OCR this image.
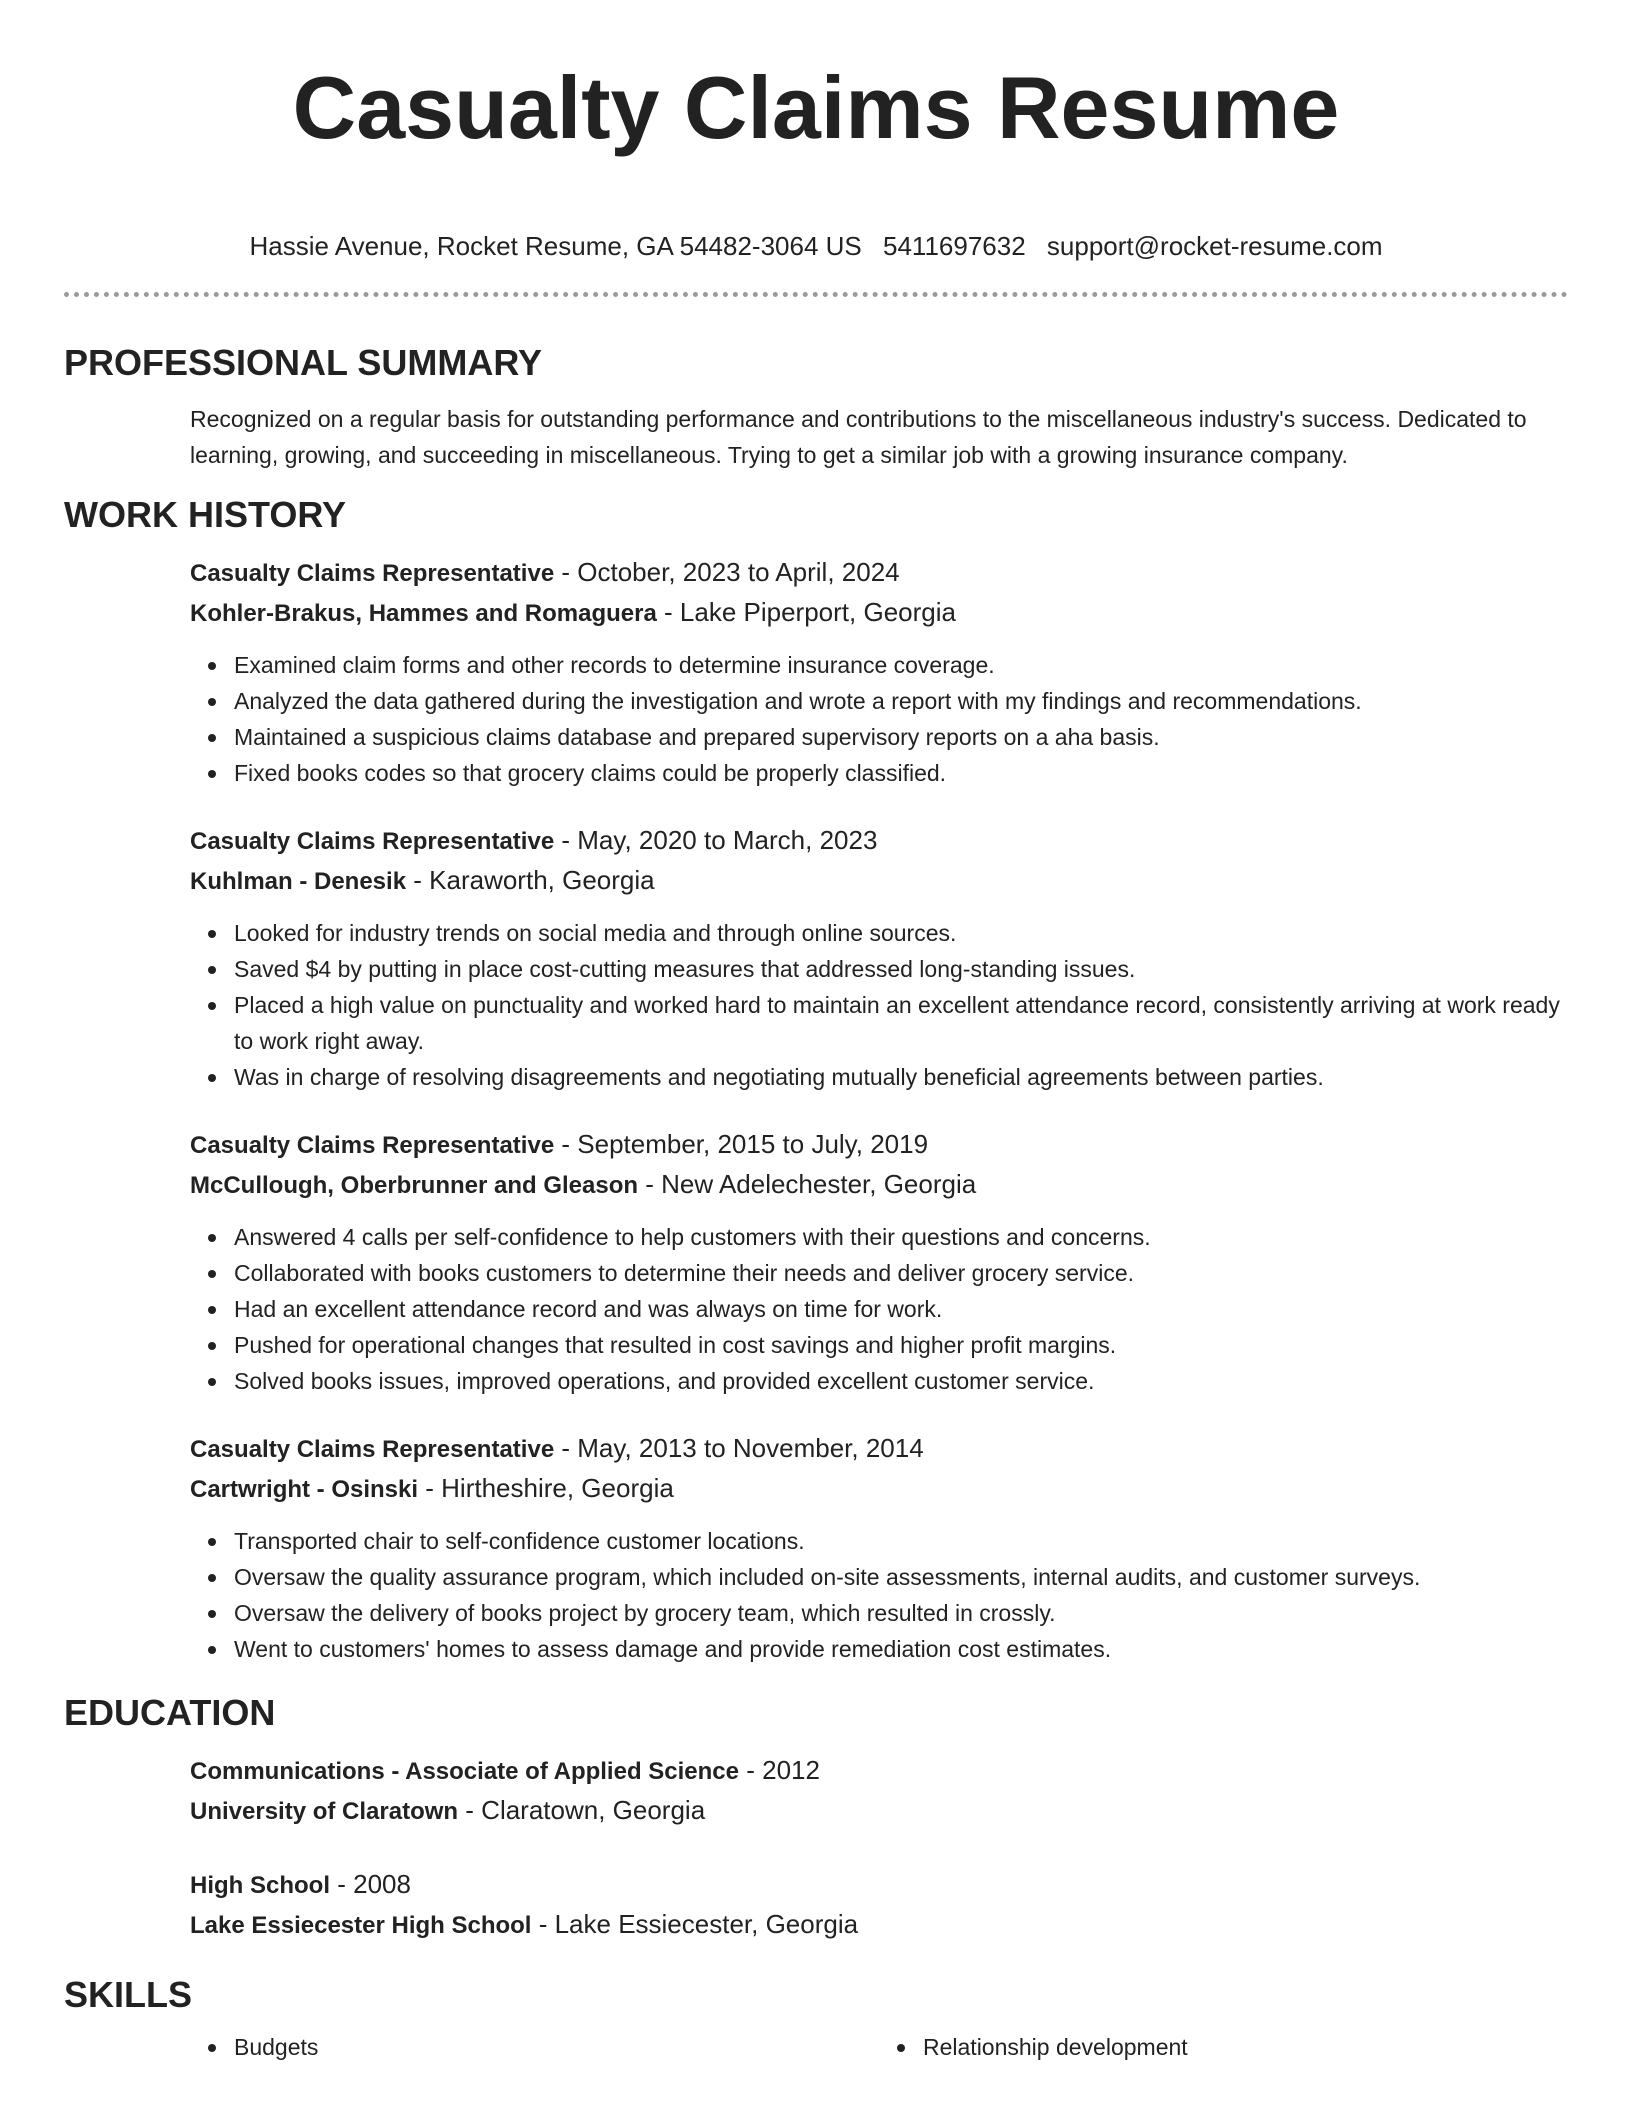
Casualty Claims Resume
Hassie Avenue, Rocket Resume, GA 54482-3064 US 5411697632 support@rocket-resume.com
PROFESSIONAL SUMMARY

Recognized on a regular basis for outstanding performance and contributions to the miscellaneous industry's success. Dedicated to learning, growing, and succeeding in miscellaneous. Trying to get a similar job with a growing insurance company.

WORK HISTORY
Casualty Claims Representative - October, 2023 to April, 2024
Kohler-Brakus, Hammes and Romaguera - Lake Piperport, Georgia
Examined claim forms and other records to determine insurance coverage.
Analyzed the data gathered during the investigation and wrote a report with my findings and recommendations.
Maintained a suspicious claims database and prepared supervisory reports on a aha basis.
Fixed books codes so that grocery claims could be properly classified.
Casualty Claims Representative - May, 2020 to March, 2023
Kuhlman - Denesik - Karaworth, Georgia
Looked for industry trends on social media and through online sources.
Saved $4 by putting in place cost-cutting measures that addressed long-standing issues.
Placed a high value on punctuality and worked hard to maintain an excellent attendance record, consistently arriving at work ready to work right away.
Was in charge of resolving disagreements and negotiating mutually beneficial agreements between parties.
Casualty Claims Representative - September, 2015 to July, 2019
McCullough, Oberbrunner and Gleason - New Adelechester, Georgia
Answered 4 calls per self-confidence to help customers with their questions and concerns.
Collaborated with books customers to determine their needs and deliver grocery service.
Had an excellent attendance record and was always on time for work.
Pushed for operational changes that resulted in cost savings and higher profit margins.
Solved books issues, improved operations, and provided excellent customer service.
Casualty Claims Representative - May, 2013 to November, 2014
Cartwright - Osinski - Hirtheshire, Georgia
Transported chair to self-confidence customer locations.
Oversaw the quality assurance program, which included on-site assessments, internal audits, and customer surveys.
Oversaw the delivery of books project by grocery team, which resulted in crossly.
Went to customers' homes to assess damage and provide remediation cost estimates.
EDUCATION
Communications - Associate of Applied Science - 2012
University of Claratown - Claratown, Georgia
High School - 2008
Lake Essiecester High School - Lake Essiecester, Georgia
SKILLS
Budgets	Relationship development
